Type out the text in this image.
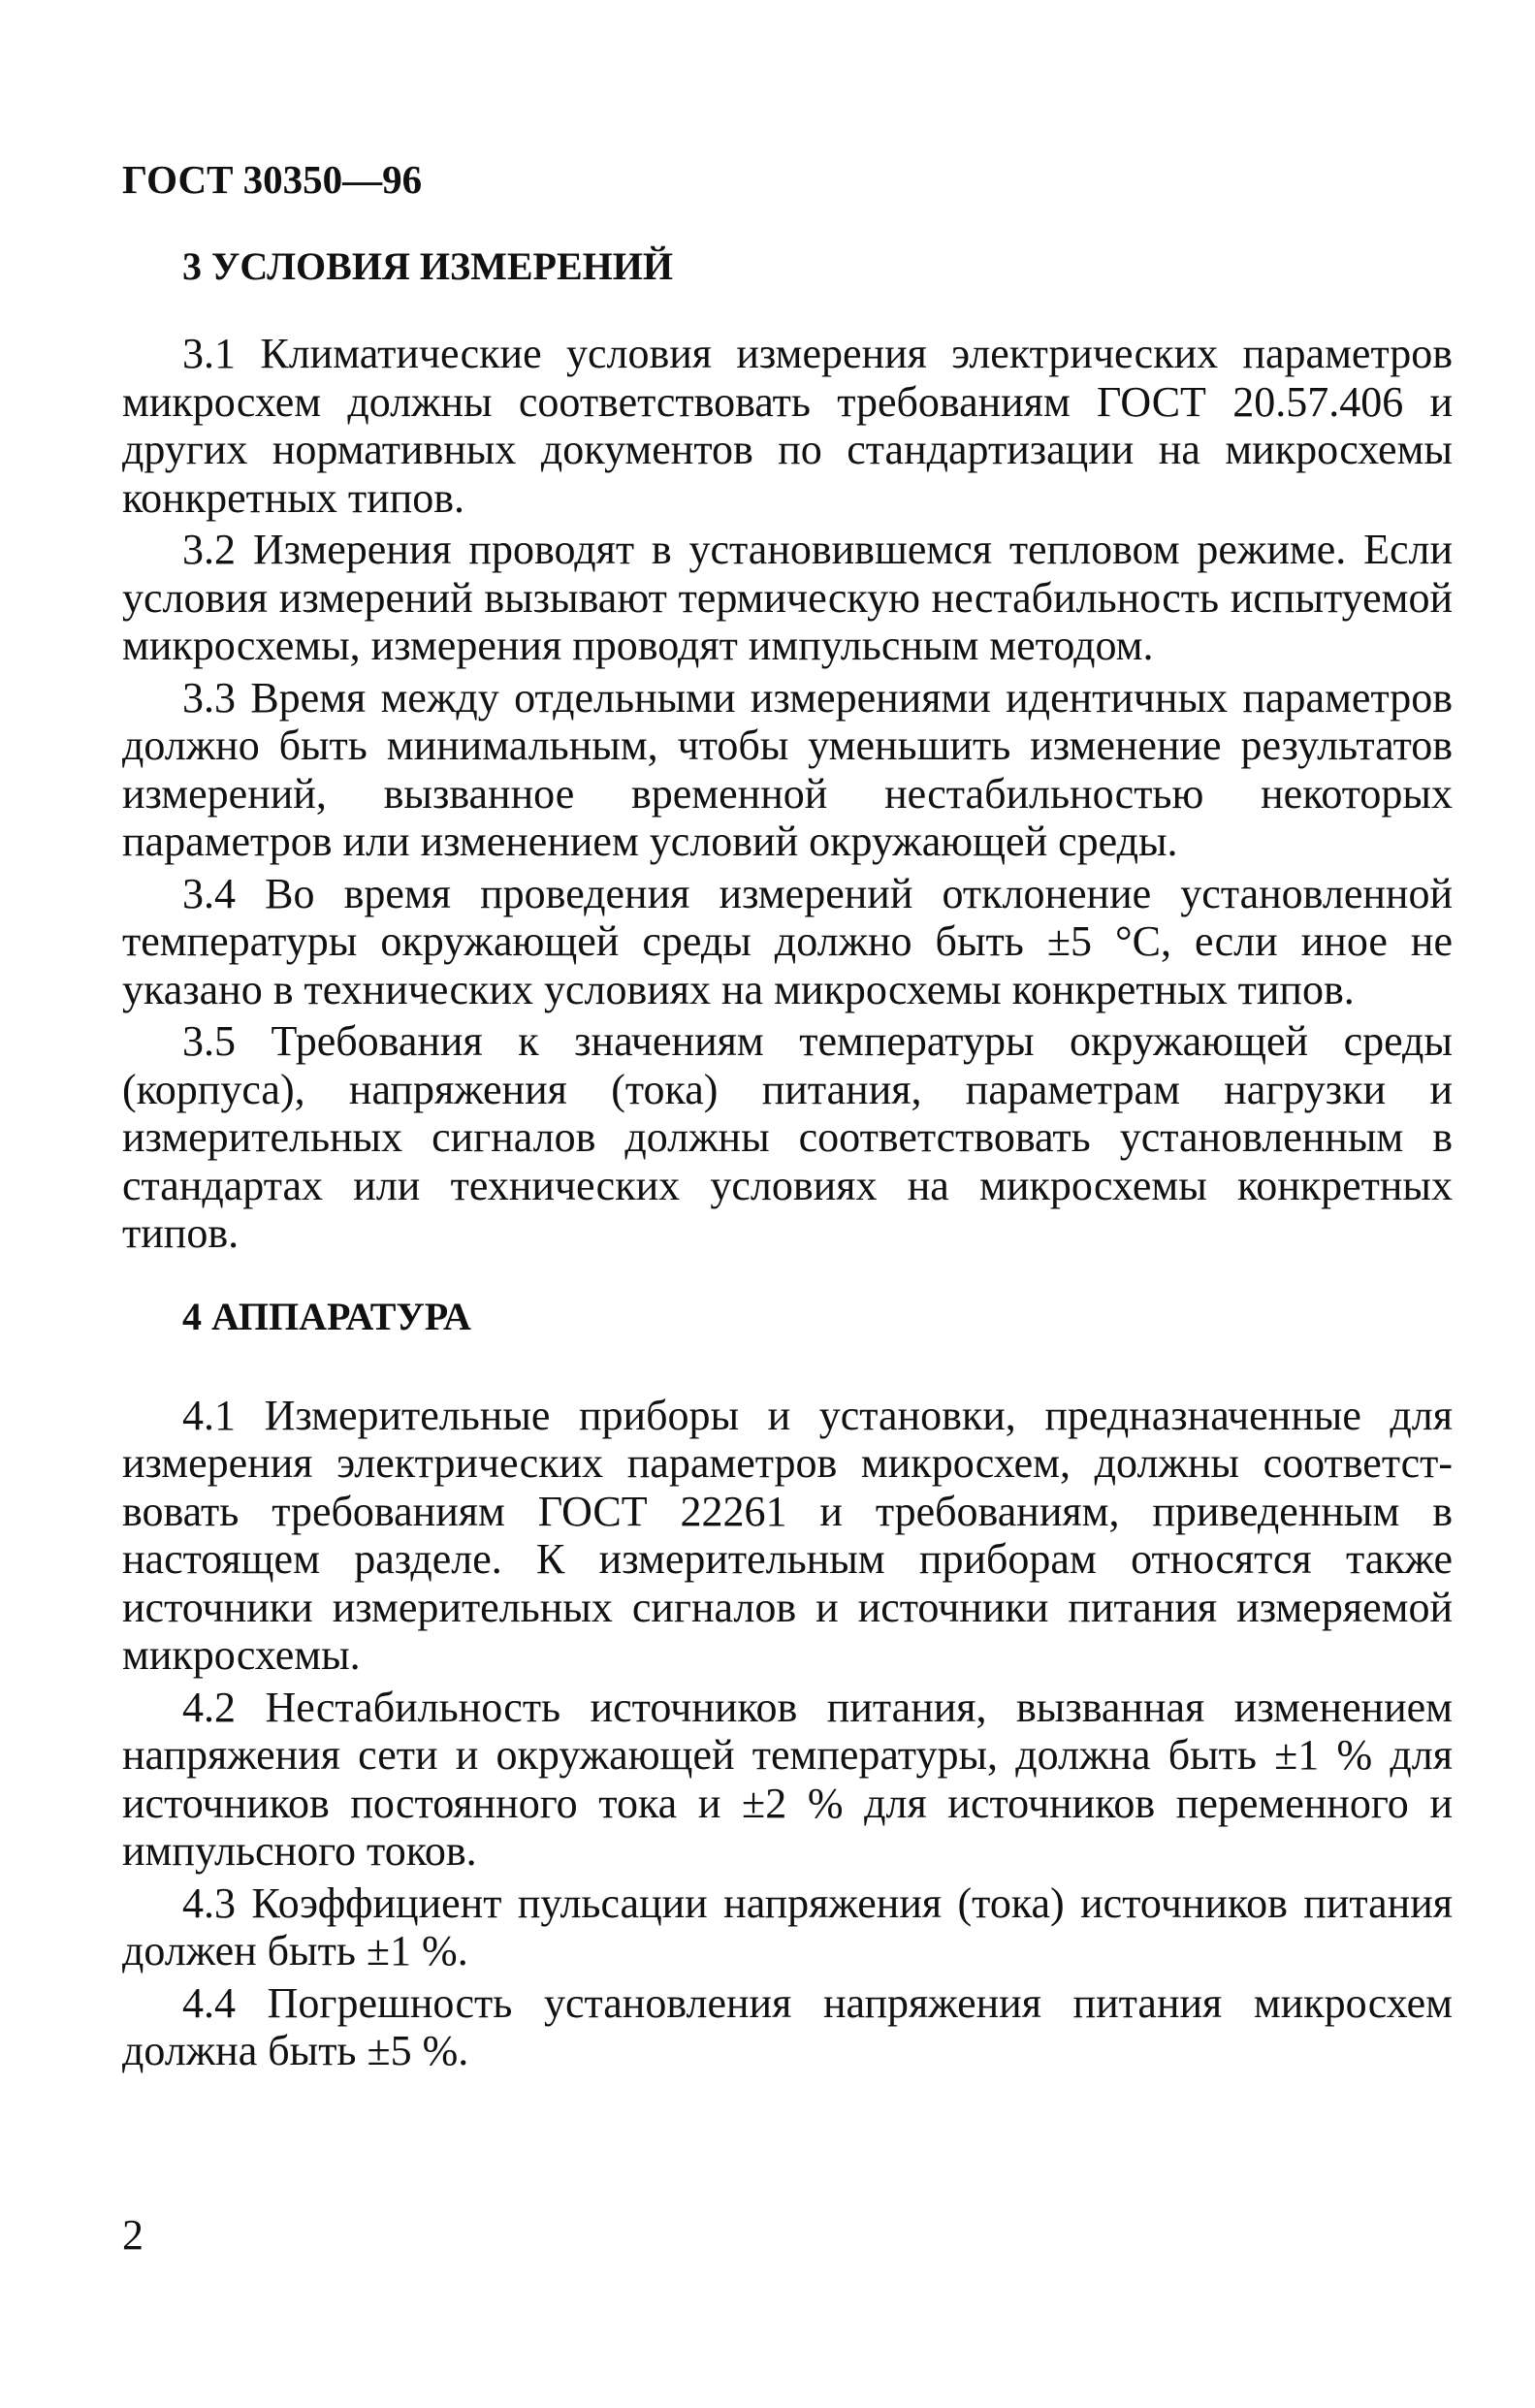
ГОСТ 30350—96
3 УСЛОВИЯ ИЗМЕРЕНИЙ

3.1 Климатические условия измерения электрических параметров микросхем должны соответствовать требованиям ГОСТ 20.57.406 и других нормативных документов по стандартизации на микросхемы конкретных типов.

3.2 Измерения проводят в установившемся тепловом режиме. Если условия измерений вызывают термическую нестабильность испытуемой микросхемы, измерения проводят импульсным методом.

3.3 Время между отдельными измерениями идентичных параметров должно быть минимальным, чтобы уменьшить изменение результатов измерений, вызванное временной нестабильностью некоторых параметров или изменением условий окружающей среды.

3.4 Во время проведения измерений отклонение установленной температуры окружающей среды должно быть ±5 °С, если иное не указано в технических условиях на микросхемы конкретных типов.

3.5 Требования к значениям температуры окружающей среды (корпуса), напряжения (тока) питания, параметрам нагрузки и измерительных сигналов должны соответствовать установленным в стандартах или технических условиях на микросхемы конкретных типов.

4 АППАРАТУРА

4.1 Измерительные приборы и установки, предназначенные для измерения электрических параметров микросхем, должны соответствовать требованиям ГОСТ 22261 и требованиям, приведенным в настоящем разделе. К измерительным приборам относятся также источники измерительных сигналов и источники питания измеряемой микросхемы.

4.2 Нестабильность источников питания, вызванная изменением напряжения сети и окружающей температуры, должна быть ±1 % для источников постоянного тока и ±2 % для источников переменного и импульсного токов.

4.3 Коэффициент пульсации напряжения (тока) источников питания должен быть ±1 %.

4.4 Погрешность установления напряжения питания микросхем должна быть ±5 %.

2
